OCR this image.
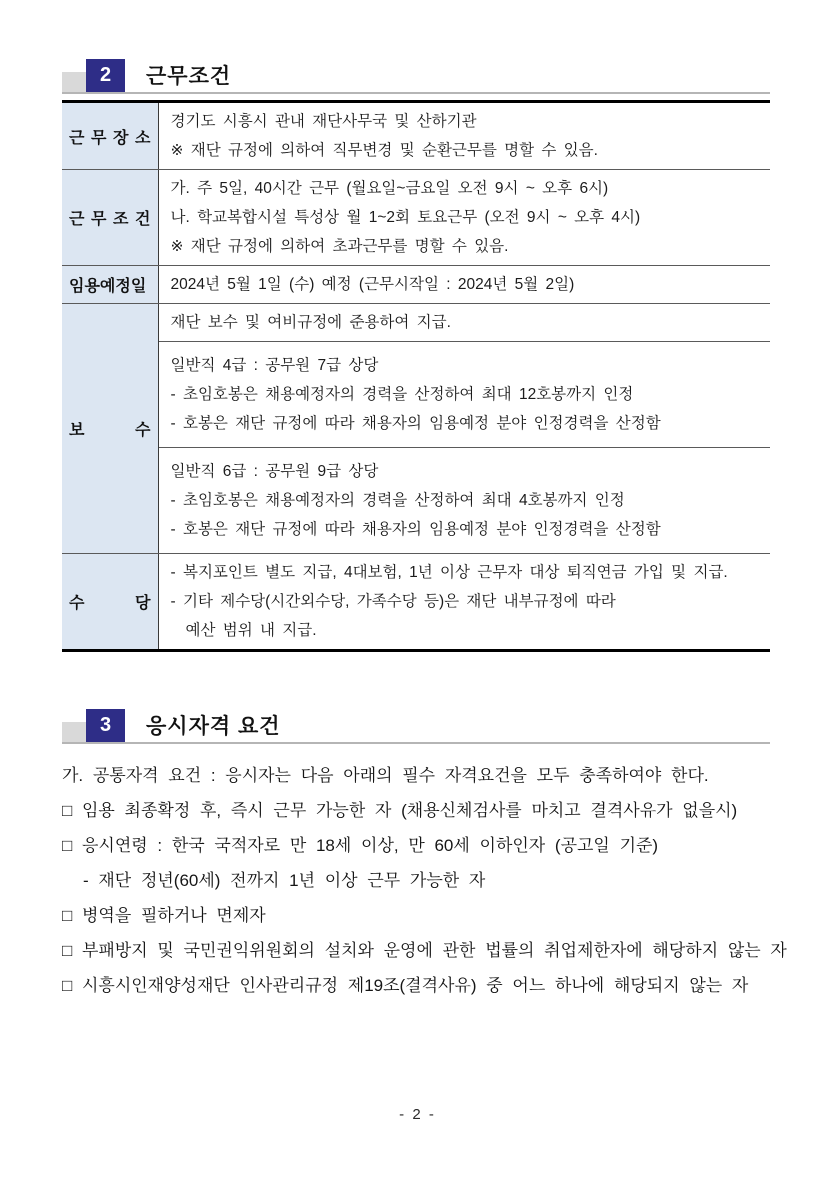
2	근무조건
근 무 장 소	경기도 시흥시 관내 재단사무국 및 산하기관
※ 재단 규정에 의하여 직무변경 및 순환근무를 명할 수 있음.

근 무 조 건	가. 주 5일, 40시간 근무 (월요일~금요일 오전 9시 ~ 오후 6시)
나. 학교복합시설 특성상 월 1~2회 토요근무 (오전 9시 ~ 오후 4시)
※ 재단 규정에 의하여 초과근무를 명할 수 있음.

임용예정일	2024년 5월 1일 (수) 예정 (근무시작일 : 2024년 5월 2일)

보 수	재단 보수 및 여비규정에 준용하여 지급.

	일반직 4급 : 공무원 7급 상당
- 초임호봉은 채용예정자의 경력을 산정하여 최대 12호봉까지 인정
- 호봉은 재단 규정에 따라 채용자의 임용예정 분야 인정경력을 산정함

	일반직 6급 : 공무원 9급 상당
- 초임호봉은 채용예정자의 경력을 산정하여 최대 4호봉까지 인정
- 호봉은 재단 규정에 따라 채용자의 임용예정 분야 인정경력을 산정함

수 당	- 복지포인트 별도 지급, 4대보험, 1년 이상 근무자 대상 퇴직연금 가입 및 지급.
- 기타 제수당(시간외수당, 가족수당 등)은 재단 내부규정에 따라
예산 범위 내 지급.
3	응시자격 요건

가. 공통자격 요건 : 응시자는 다음 아래의 필수 자격요건을 모두 충족하여야 한다.

□ 임용 최종확정 후, 즉시 근무 가능한 자 (채용신체검사를 마치고 결격사유가 없을시)
□ 응시연령 : 한국 국적자로 만 18세 이상, 만 60세 이하인자 (공고일 기준)
- 재단 정년(60세) 전까지 1년 이상 근무 가능한 자
□ 병역을 필하거나 면제자
□ 부패방지 및 국민권익위원회의 설치와 운영에 관한 법률의 취업제한자에 해당하지 않는 자
□ 시흥시인재양성재단 인사관리규정 제19조(결격사유) 중 어느 하나에 해당되지 않는 자
- 2 -
